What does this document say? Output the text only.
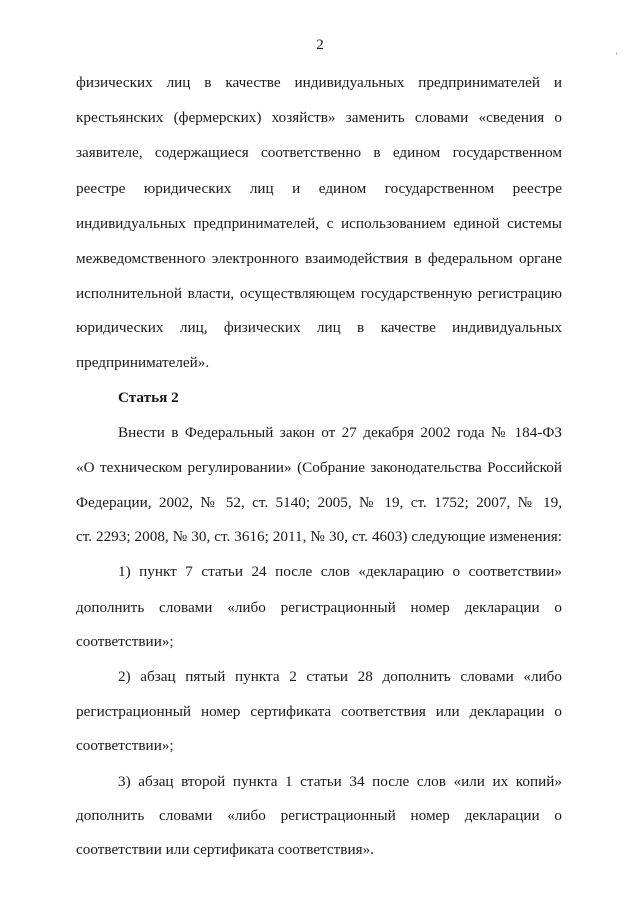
2
физических лиц в качестве индивидуальных предпринимателей и
крестьянских (фермерских) хозяйств» заменить словами «сведения о
заявителе, содержащиеся соответственно в едином государственном
реестре юридических лиц и едином государственном реестре
индивидуальных предпринимателей, с использованием единой системы
межведомственного электронного взаимодействия в федеральном органе
исполнительной власти, осуществляющем государственную регистрацию
юридических лиц, физических лиц в качестве индивидуальных
предпринимателей».
Статья 2
Внести в Федеральный закон от 27 декабря 2002 года № 184-ФЗ
«О техническом регулировании» (Собрание законодательства Российской
Федерации, 2002, № 52, ст. 5140; 2005, № 19, ст. 1752; 2007, № 19,
ст. 2293; 2008, № 30, ст. 3616; 2011, № 30, ст. 4603) следующие изменения:
1) пункт 7 статьи 24 после слов «декларацию о соответствии»
дополнить словами «либо регистрационный номер декларации о
соответствии»;
2) абзац пятый пункта 2 статьи 28 дополнить словами «либо
регистрационный номер сертификата соответствия или декларации о
соответствии»;
3) абзац второй пункта 1 статьи 34 после слов «или их копий»
дополнить словами «либо регистрационный номер декларации о
соответствии или сертификата соответствия».
